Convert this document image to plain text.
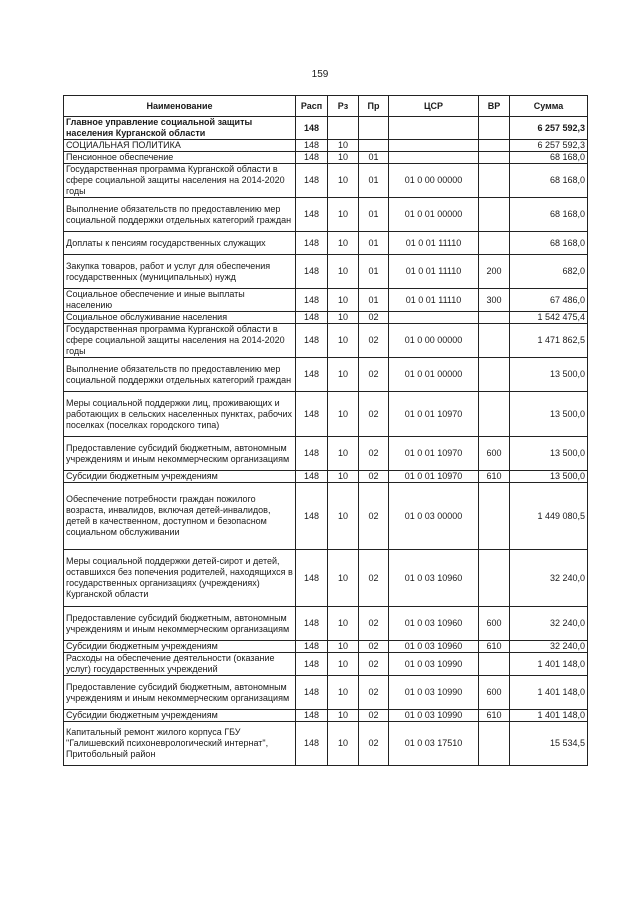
159
Наименование	Расп	Рз	Пр	ЦСР	ВР	Сумма
Главное управление социальной защиты населения Курганской области	148					6 257 592,3
СОЦИАЛЬНАЯ ПОЛИТИКА	148	10				6 257 592,3
Пенсионное обеспечение	148	10	01			68 168,0
Государственная программа Курганской области в сфере социальной защиты населения на 2014-2020 годы	148	10	01	01 0 00 00000		68 168,0
Выполнение обязательств по предоставлению мер социальной поддержки отдельных категорий граждан	148	10	01	01 0 01 00000		68 168,0
Доплаты к пенсиям государственных служащих	148	10	01	01 0 01 11110		68 168,0
Закупка товаров, работ и услуг для обеспечения государственных (муниципальных) нужд	148	10	01	01 0 01 11110	200	682,0
Социальное обеспечение и иные выплаты населению	148	10	01	01 0 01 11110	300	67 486,0
Социальное обслуживание населения	148	10	02			1 542 475,4
Государственная программа Курганской области в сфере социальной защиты населения на 2014-2020 годы	148	10	02	01 0 00 00000		1 471 862,5
Выполнение обязательств по предоставлению мер социальной поддержки отдельных категорий граждан	148	10	02	01 0 01 00000		13 500,0
Меры социальной поддержки лиц, проживающих и работающих в сельских населенных пунктах, рабочих поселках (поселках городского типа)	148	10	02	01 0 01 10970		13 500,0
Предоставление субсидий бюджетным, автономным учреждениям и иным некоммерческим организациям	148	10	02	01 0 01 10970	600	13 500,0
Субсидии бюджетным учреждениям	148	10	02	01 0 01 10970	610	13 500,0
Обеспечение потребности граждан пожилого возраста, инвалидов, включая детей-инвалидов, детей в качественном, доступном и безопасном социальном обслуживании	148	10	02	01 0 03 00000		1 449 080,5
Меры социальной поддержки детей-сирот и детей, оставшихся без попечения родителей, находящихся в государственных организациях (учреждениях) Курганской области	148	10	02	01 0 03 10960		32 240,0
Предоставление субсидий бюджетным, автономным учреждениям и иным некоммерческим организациям	148	10	02	01 0 03 10960	600	32 240,0
Субсидии бюджетным учреждениям	148	10	02	01 0 03 10960	610	32 240,0
Расходы на обеспечение деятельности (оказание услуг) государственных учреждений	148	10	02	01 0 03 10990		1 401 148,0
Предоставление субсидий бюджетным, автономным учреждениям и иным некоммерческим организациям	148	10	02	01 0 03 10990	600	1 401 148,0
Субсидии бюджетным учреждениям	148	10	02	01 0 03 10990	610	1 401 148,0
Капитальный ремонт жилого корпуса ГБУ "Галишевский психоневрологический интернат", Притобольный район	148	10	02	01 0 03 17510		15 534,5
